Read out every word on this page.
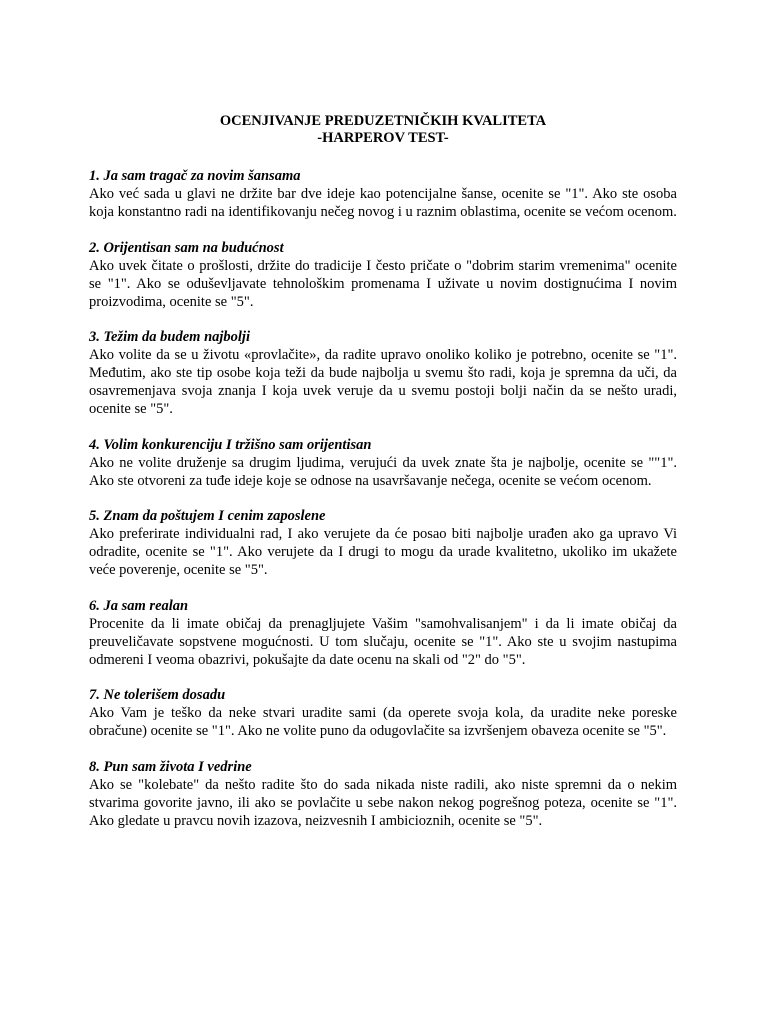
OCENJIVANJE PREDUZETNIČKIH KVALITETA

-HARPEROV TEST-

1. Ja sam tragač za novim šansama

Ako već sada u glavi ne držite bar dve ideje kao potencijalne šanse, ocenite se "1". Ako ste osoba koja konstantno radi na identifikovanju nečeg novog i u raznim oblastima, ocenite se većom ocenom.

2. Orijentisan sam na budućnost

Ako uvek čitate o prošlosti, držite do tradicije I često pričate o "dobrim starim vremenima" ocenite se "1". Ako se oduševljavate tehnološkim promenama I uživate u novim dostignućima I novim proizvodima, ocenite se "5".

3. Težim da budem najbolji

Ako volite da se u životu «provlačite», da radite upravo onoliko koliko je potrebno, ocenite se "1". Međutim, ako ste tip osobe koja teži da bude najbolja u svemu što radi, koja je spremna da uči, da osavremenjava svoja znanja I koja uvek veruje da u svemu postoji bolji način da se nešto uradi, ocenite se "5".

4. Volim konkurenciju I tržišno sam orijentisan

Ako ne volite druženje sa drugim ljudima, verujući da uvek znate šta je najbolje, ocenite se ""1". Ako ste otvoreni za tuđe ideje koje se odnose na usavršavanje nečega, ocenite se većom ocenom.

5. Znam da poštujem I cenim zaposlene

Ako preferirate individualni rad, I ako verujete da će posao biti najbolje urađen ako ga upravo Vi odradite, ocenite se "1". Ako verujete da I drugi to mogu da urade kvalitetno, ukoliko im ukažete veće poverenje, ocenite se "5".

6. Ja sam realan

Procenite da li imate običaj da prenagljujete Vašim "samohvalisanjem" i da li imate običaj da preuveličavate sopstvene mogućnosti. U tom slučaju, ocenite se "1". Ako ste u svojim nastupima odmereni I veoma obazrivi, pokušajte da date ocenu na skali od "2" do "5".

7. Ne tolerišem dosadu

Ako Vam je teško da neke stvari uradite sami (da operete svoja kola, da uradite neke poreske obračune) ocenite se "1". Ako ne volite puno da odugovlačite sa izvršenjem obaveza ocenite se "5".

8. Pun sam života I vedrine

Ako se "kolebate" da nešto radite što do sada nikada niste radili, ako niste spremni da o nekim stvarima govorite javno, ili ako se povlačite u sebe nakon nekog pogrešnog poteza, ocenite se "1". Ako gledate u pravcu novih izazova, neizvesnih I ambicioznih, ocenite se "5".
